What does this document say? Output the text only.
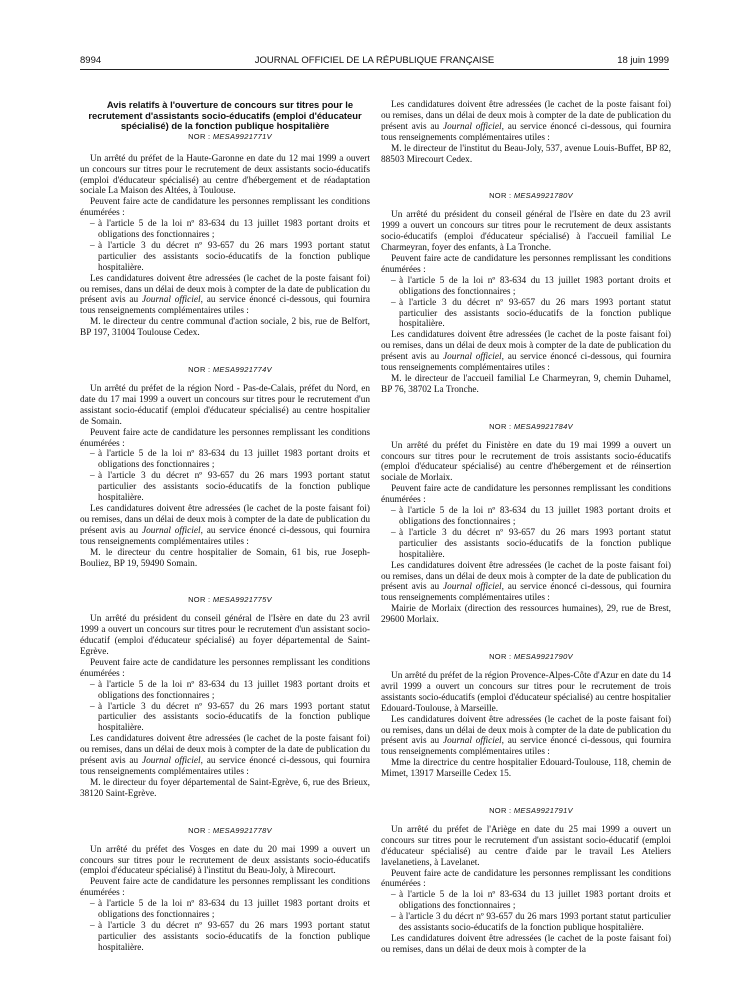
8994	JOURNAL OFFICIEL DE LA RÉPUBLIQUE FRANÇAISE	18 juin 1999

Avis relatifs à l'ouverture de concours sur titres pour le recrutement d'assistants socio-éducatifs (emploi d'éducateur spécialisé) de la fonction publique hospitalière

NOR : MESA9921771V

Un arrêté du préfet de la Haute-Garonne en date du 12 mai 1999 a ouvert un concours sur titres pour le recrutement de deux assistants socio-éducatifs (emploi d'éducateur spécialisé) au centre d'hébergement et de réadaptation sociale La Maison des Altées, à Toulouse.

Peuvent faire acte de candidature les personnes remplissant les conditions énumérées :

– à l'article 5 de la loi nº 83-634 du 13 juillet 1983 portant droits et obligations des fonctionnaires ;
– à l'article 3 du décret nº 93-657 du 26 mars 1993 portant statut particulier des assistants socio-éducatifs de la fonction publique hospitalière.

Les candidatures doivent être adressées (le cachet de la poste faisant foi) ou remises, dans un délai de deux mois à compter de la date de publication du présent avis au Journal officiel, au service énoncé ci-dessous, qui fournira tous renseignements complémentaires utiles :

M. le directeur du centre communal d'action sociale, 2 bis, rue de Belfort, BP 197, 31004 Toulouse Cedex.

NOR : MESA9921774V

Un arrêté du préfet de la région Nord - Pas-de-Calais, préfet du Nord, en date du 17 mai 1999 a ouvert un concours sur titres pour le recrutement d'un assistant socio-éducatif (emploi d'éducateur spécialisé) au centre hospitalier de Somain.

Peuvent faire acte de candidature les personnes remplissant les conditions énumérées :

– à l'article 5 de la loi nº 83-634 du 13 juillet 1983 portant droits et obligations des fonctionnaires ;
– à l'article 3 du décret nº 93-657 du 26 mars 1993 portant statut particulier des assistants socio-éducatifs de la fonction publique hospitalière.

Les candidatures doivent être adressées (le cachet de la poste faisant foi) ou remises, dans un délai de deux mois à compter de la date de publication du présent avis au Journal officiel, au service énoncé ci-dessous, qui fournira tous renseignements complémentaires utiles :

M. le directeur du centre hospitalier de Somain, 61 bis, rue Joseph-Bouliez, BP 19, 59490 Somain.

NOR : MESA9921775V

Un arrêté du président du conseil général de l'Isère en date du 23 avril 1999 a ouvert un concours sur titres pour le recrutement d'un assistant socio-éducatif (emploi d'éducateur spécialisé) au foyer départemental de Saint-Egrève.

Peuvent faire acte de candidature les personnes remplissant les conditions énumérées :

– à l'article 5 de la loi nº 83-634 du 13 juillet 1983 portant droits et obligations des fonctionnaires ;
– à l'article 3 du décret nº 93-657 du 26 mars 1993 portant statut particulier des assistants socio-éducatifs de la fonction publique hospitalière.

Les candidatures doivent être adressées (le cachet de la poste faisant foi) ou remises, dans un délai de deux mois à compter de la date de publication du présent avis au Journal officiel, au service énoncé ci-dessous, qui fournira tous renseignements complémentaires utiles :

M. le directeur du foyer départemental de Saint-Egrève, 6, rue des Brieux, 38120 Saint-Egrève.

NOR : MESA9921778V

Un arrêté du préfet des Vosges en date du 20 mai 1999 a ouvert un concours sur titres pour le recrutement de deux assistants socio-éducatifs (emploi d'éducateur spécialisé) à l'institut du Beau-Joly, à Mirecourt.

Peuvent faire acte de candidature les personnes remplissant les conditions énumérées :

– à l'article 5 de la loi nº 83-634 du 13 juillet 1983 portant droits et obligations des fonctionnaires ;
– à l'article 3 du décret nº 93-657 du 26 mars 1993 portant statut particulier des assistants socio-éducatifs de la fonction publique hospitalière.

Les candidatures doivent être adressées (le cachet de la poste faisant foi) ou remises, dans un délai de deux mois à compter de la date de publication du présent avis au Journal officiel, au service énoncé ci-dessous, qui fournira tous renseignements complémentaires utiles :

M. le directeur de l'institut du Beau-Joly, 537, avenue Louis-Buffet, BP 82, 88503 Mirecourt Cedex.

NOR : MESA9921780V

Un arrêté du président du conseil général de l'Isère en date du 23 avril 1999 a ouvert un concours sur titres pour le recrutement de deux assistants socio-éducatifs (emploi d'éducateur spécialisé) à l'accueil familial Le Charmeyran, foyer des enfants, à La Tronche.

Peuvent faire acte de candidature les personnes remplissant les conditions énumérées :

– à l'article 5 de la loi nº 83-634 du 13 juillet 1983 portant droits et obligations des fonctionnaires ;
– à l'article 3 du décret nº 93-657 du 26 mars 1993 portant statut particulier des assistants socio-éducatifs de la fonction publique hospitalière.

Les candidatures doivent être adressées (le cachet de la poste faisant foi) ou remises, dans un délai de deux mois à compter de la date de publication du présent avis au Journal officiel, au service énoncé ci-dessous, qui fournira tous renseignements complémentaires utiles :

M. le directeur de l'accueil familial Le Charmeyran, 9, chemin Duhamel, BP 76, 38702 La Tronche.

NOR : MESA9921784V

Un arrêté du préfet du Finistère en date du 19 mai 1999 a ouvert un concours sur titres pour le recrutement de trois assistants socio-éducatifs (emploi d'éducateur spécialisé) au centre d'hébergement et de réinsertion sociale de Morlaix.

Peuvent faire acte de candidature les personnes remplissant les conditions énumérées :

– à l'article 5 de la loi nº 83-634 du 13 juillet 1983 portant droits et obligations des fonctionnaires ;
– à l'article 3 du décret nº 93-657 du 26 mars 1993 portant statut particulier des assistants socio-éducatifs de la fonction publique hospitalière.

Les candidatures doivent être adressées (le cachet de la poste faisant foi) ou remises, dans un délai de deux mois à compter de la date de publication du présent avis au Journal officiel, au service énoncé ci-dessous, qui fournira tous renseignements complémentaires utiles :

Mairie de Morlaix (direction des ressources humaines), 29, rue de Brest, 29600 Morlaix.

NOR : MESA9921790V

Un arrêté du préfet de la région Provence-Alpes-Côte d'Azur en date du 14 avril 1999 a ouvert un concours sur titres pour le recrutement de trois assistants socio-éducatifs (emploi d'éducateur spécialisé) au centre hospitalier Edouard-Toulouse, à Marseille.

Les candidatures doivent être adressées (le cachet de la poste faisant foi) ou remises, dans un délai de deux mois à compter de la date de publication du présent avis au Journal officiel, au service énoncé ci-dessous, qui fournira tous renseignements complémentaires utiles :

Mme la directrice du centre hospitalier Edouard-Toulouse, 118, chemin de Mimet, 13917 Marseille Cedex 15.

NOR : MESA9921791V

Un arrêté du préfet de l'Ariège en date du 25 mai 1999 a ouvert un concours sur titres pour le recrutement d'un assistant socio-éducatif (emploi d'éducateur spécialisé) au centre d'aide par le travail Les Ateliers lavelanetiens, à Lavelanet.

Peuvent faire acte de candidature les personnes remplissant les conditions énumérées :

– à l'article 5 de la loi nº 83-634 du 13 juillet 1983 portant droits et obligations des fonctionnaires ;
– à l'article 3 du décrt nº 93-657 du 26 mars 1993 portant statut particulier des assistants socio-éducatifs de la fonction publique hospitalière.

Les candidatures doivent être adressées (le cachet de la poste faisant foi) ou remises, dans un délai de deux mois à compter de la
